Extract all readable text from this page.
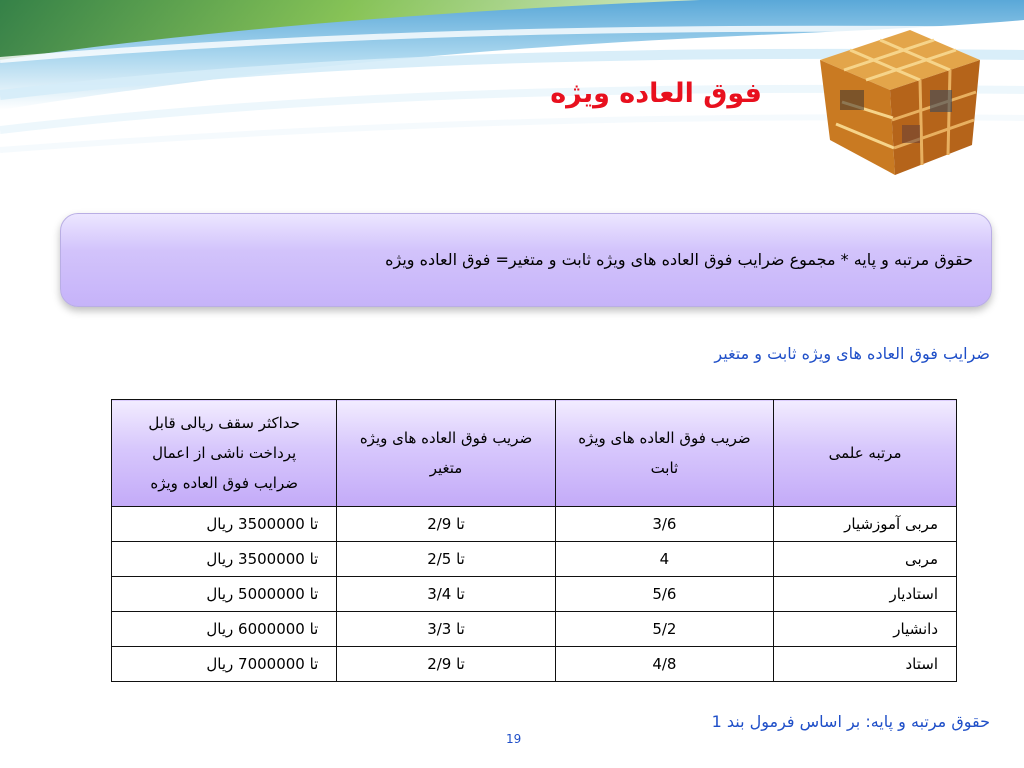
فوق العاده ویژه
حقوق مرتبه و پایه * مجموع ضرایب فوق العاده های ویژه ثابت و متغیر= فوق العاده ویژه
ضرایب فوق العاده های ویژه ثابت و متغیر
مرتبه علمی	ضریب فوق العاده های ویژه ثابت	ضریب فوق العاده های ویژه متغیر	حداکثر سقف ریالی قابل پرداخت ناشی از اعمال ضرایب فوق العاده ویژه
مربی آموزشیار	3/6	تا 2/9	تا 3500000 ریال
مربی	4	تا 2/5	تا 3500000 ریال
استادیار	5/6	تا 3/4	تا 5000000 ریال
دانشیار	5/2	تا 3/3	تا 6000000 ریال
استاد	4/8	تا 2/9	تا 7000000 ریال
حقوق مرتبه و پایه: بر اساس فرمول بند 1
19
